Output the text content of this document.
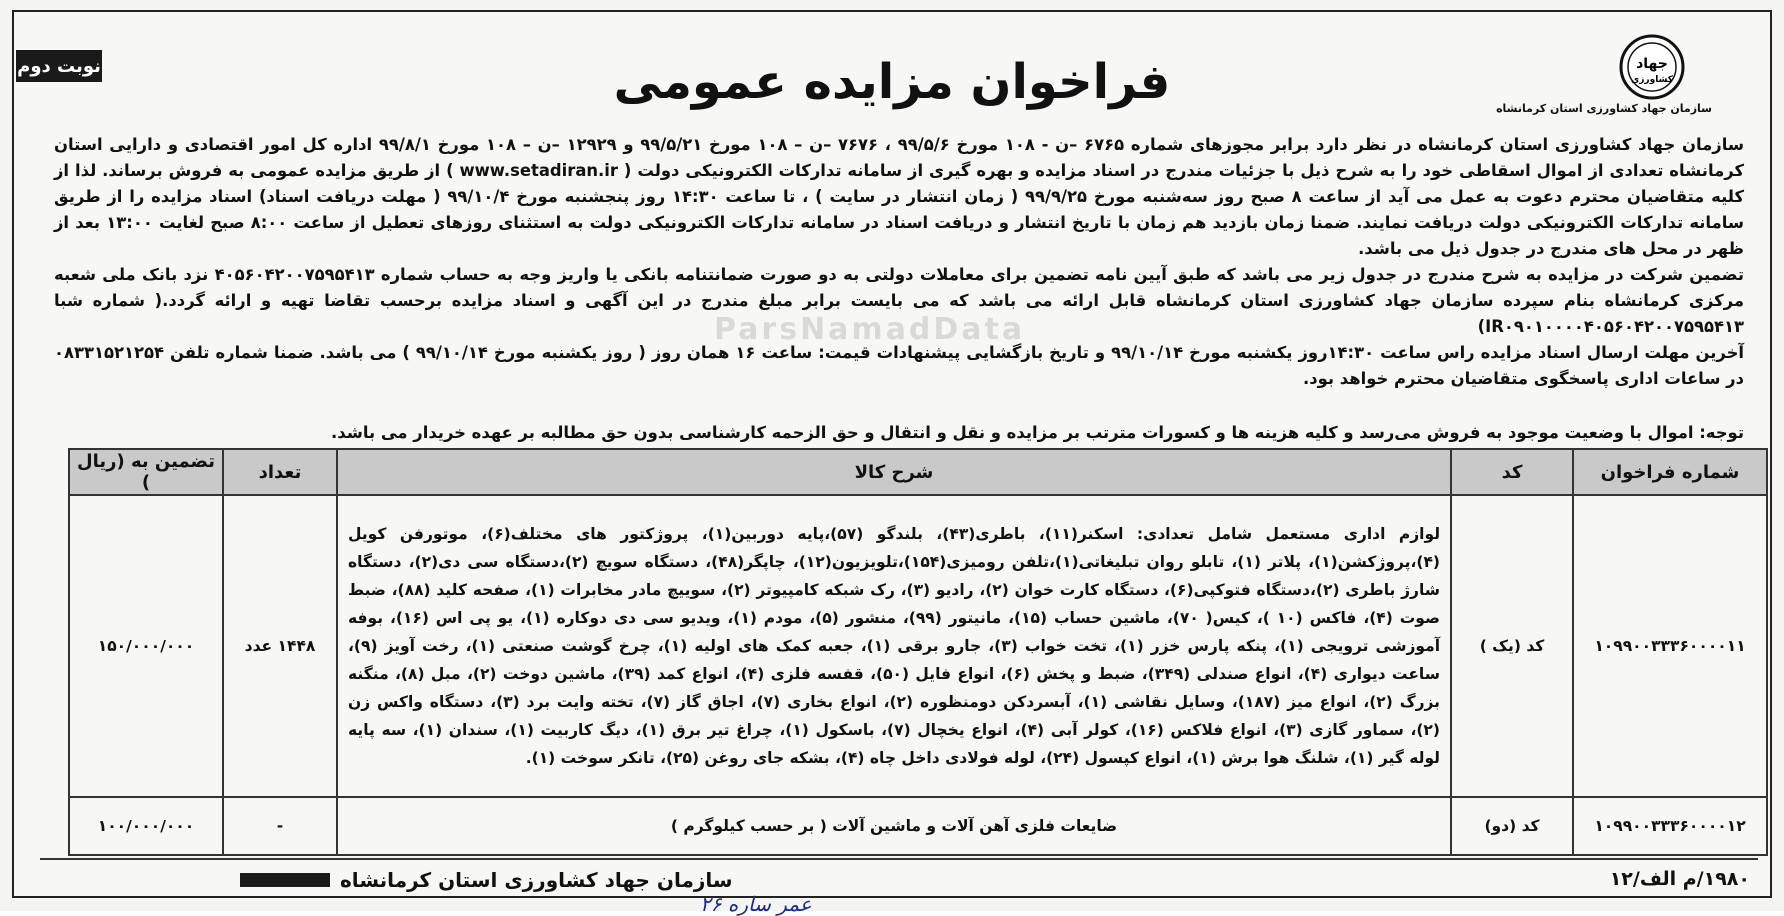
نوبت دوم	جهاد
کشاورزی
سازمان جهاد کشاورزی استان کرمانشاه
فراخوان مزایده عمومی

سازمان جهاد کشاورزی استان کرمانشاه در نظر دارد برابر مجوزهای شماره ۶۷۶۵ –ن - ۱۰۸ مورخ ۹۹/۵/۶ ، ۷۶۷۶ –ن – ۱۰۸ مورخ ۹۹/۵/۲۱ و ۱۲۹۲۹ –ن – ۱۰۸ مورخ ۹۹/۸/۱ اداره کل امور اقتصادی و دارایی استان کرمانشاه تعدادی از اموال اسقاطی خود را به شرح ذیل با جزئیات مندرج در اسناد مزایده و بهره گیری از سامانه تدارکات الکترونیکی دولت ( www.setadiran.ir ) از طریق مزایده عمومی به فروش برساند. لذا از کلیه متقاضیان محترم دعوت به عمل می آید از ساعت ۸ صبح روز سه‌شنبه مورخ ۹۹/۹/۲۵ ( زمان انتشار در سایت ) ، تا ساعت ۱۴:۳۰ روز پنجشنبه مورخ ۹۹/۱۰/۴ ( مهلت دریافت اسناد) اسناد مزایده را از طریق سامانه تدارکات الکترونیکی دولت دریافت نمایند. ضمنا زمان بازدید هم زمان با تاریخ انتشار و دریافت اسناد در سامانه تدارکات الکترونیکی دولت به استثنای روزهای تعطیل از ساعت ۸:۰۰ صبح لغایت ۱۳:۰۰ بعد از ظهر در محل های مندرج در جدول ذیل می باشد.

تضمین شرکت در مزایده به شرح مندرج در جدول زیر می باشد که طبق آیین نامه تضمین برای معاملات دولتی به دو صورت ضمانتنامه بانکی یا واریز وجه به حساب شماره ۴۰۵۶۰۴۲۰۰۷۵۹۵۴۱۳ نزد بانک ملی شعبه مرکزی کرمانشاه بنام سپرده سازمان جهاد کشاورزی استان کرمانشاه قابل ارائه می باشد که می بایست برابر مبلغ مندرج در این آگهی و اسناد مزایده برحسب تقاضا تهیه و ارائه گردد.( شماره شبا IR۰۹۰۱۰۰۰۰۴۰۵۶۰۴۲۰۰۷۵۹۵۴۱۳)

آخرین مهلت ارسال اسناد مزایده راس ساعت ۱۴:۳۰روز یکشنبه مورخ ۹۹/۱۰/۱۴ و تاریخ بازگشایی پیشنهادات قیمت: ساعت ۱۶ همان روز ( روز یکشنبه مورخ ۹۹/۱۰/۱۴ ) می باشد. ضمنا شماره تلفن ۰۸۳۳۱۵۲۱۲۵۴ در ساعات اداری پاسخگوی متقاضیان محترم خواهد بود.

توجه: اموال با وضعیت موجود به فروش می‌رسد و کلیه هزینه ها و کسورات مترتب بر مزایده و نقل و انتقال و حق الزحمه کارشناسی بدون حق مطالبه بر عهده خریدار می باشد.
شماره فراخوان	کد	شرح کالا	تعداد	تضمین به (ریال )
۱۰۹۹۰۰۳۳۳۶۰۰۰۰۱۱	کد (یک )	لوازم اداری مستعمل شامل تعدادی: اسکنر(۱۱)، باطری(۴۳)، بلندگو (۵۷)،پایه دوربین(۱)، پروژکتور های مختلف(۶)، موتورفن کویل (۴)،پروژکشن(۱)، پلاتر (۱)، تابلو روان تبلیغاتی(۱)،تلفن رومیزی(۱۵۴)،تلویزیون(۱۲)، چاپگر(۴۸)، دستگاه سویچ (۲)،دستگاه سی دی(۲)، دستگاه شارژ باطری (۲)،دستگاه فتوکپی(۶)، دستگاه کارت خوان (۲)، رادیو (۳)، رک شبکه کامپیوتر (۲)، سوییچ مادر مخابرات (۱)، صفحه کلید (۸۸)، ضبط صوت (۴)، فاکس (۱۰ )، کیس( ۷۰)، ماشین حساب (۱۵)، مانیتور (۹۹)، منشور (۵)، مودم (۱)، ویدیو سی دی دوکاره (۱)، یو پی اس (۱۶)، بوفه آموزشی ترویجی (۱)، پنکه پارس خزر (۱)، تخت خواب (۳)، جارو برقی (۱)، جعبه کمک های اولیه (۱)، چرخ گوشت صنعتی (۱)، رخت آویز (۹)، ساعت دیواری (۴)، انواع صندلی (۳۴۹)، ضبط و پخش (۶)، انواع فایل (۵۰)، قفسه فلزی (۴)، انواع کمد (۳۹)، ماشین دوخت (۲)، مبل (۸)، منگنه بزرگ (۲)، انواع میز (۱۸۷)، وسایل نقاشی (۱)، آبسردکن دومنظوره (۲)، انواع بخاری (۷)، اجاق گاز (۷)، تخته وایت برد (۳)، دستگاه واکس زن (۲)، سماور گازی (۳)، انواع فلاکس (۱۶)، کولر آبی (۴)، انواع یخچال (۷)، باسکول (۱)، چراغ تیر برق (۱)، دیگ کاربیت (۱)، سندان (۱)، سه پایه لوله گیر (۱)، شلنگ هوا برش (۱)، انواع کپسول (۲۴)، لوله فولادی داخل چاه (۴)، بشکه جای روغن (۲۵)، تانکر سوخت (۱).	۱۴۴۸ عدد	۱۵۰/۰۰۰/۰۰۰
۱۰۹۹۰۰۳۳۳۶۰۰۰۰۱۲	کد (دو)	ضایعات فلزی آهن آلات و ماشین آلات ( بر حسب کیلوگرم )	-	۱۰۰/۰۰۰/۰۰۰
ParsNamadData
۱۹۸۰/م الف/۱۲
سازمان جهاد کشاورزی استان کرمانشاه
عمر ساره ۲۶
